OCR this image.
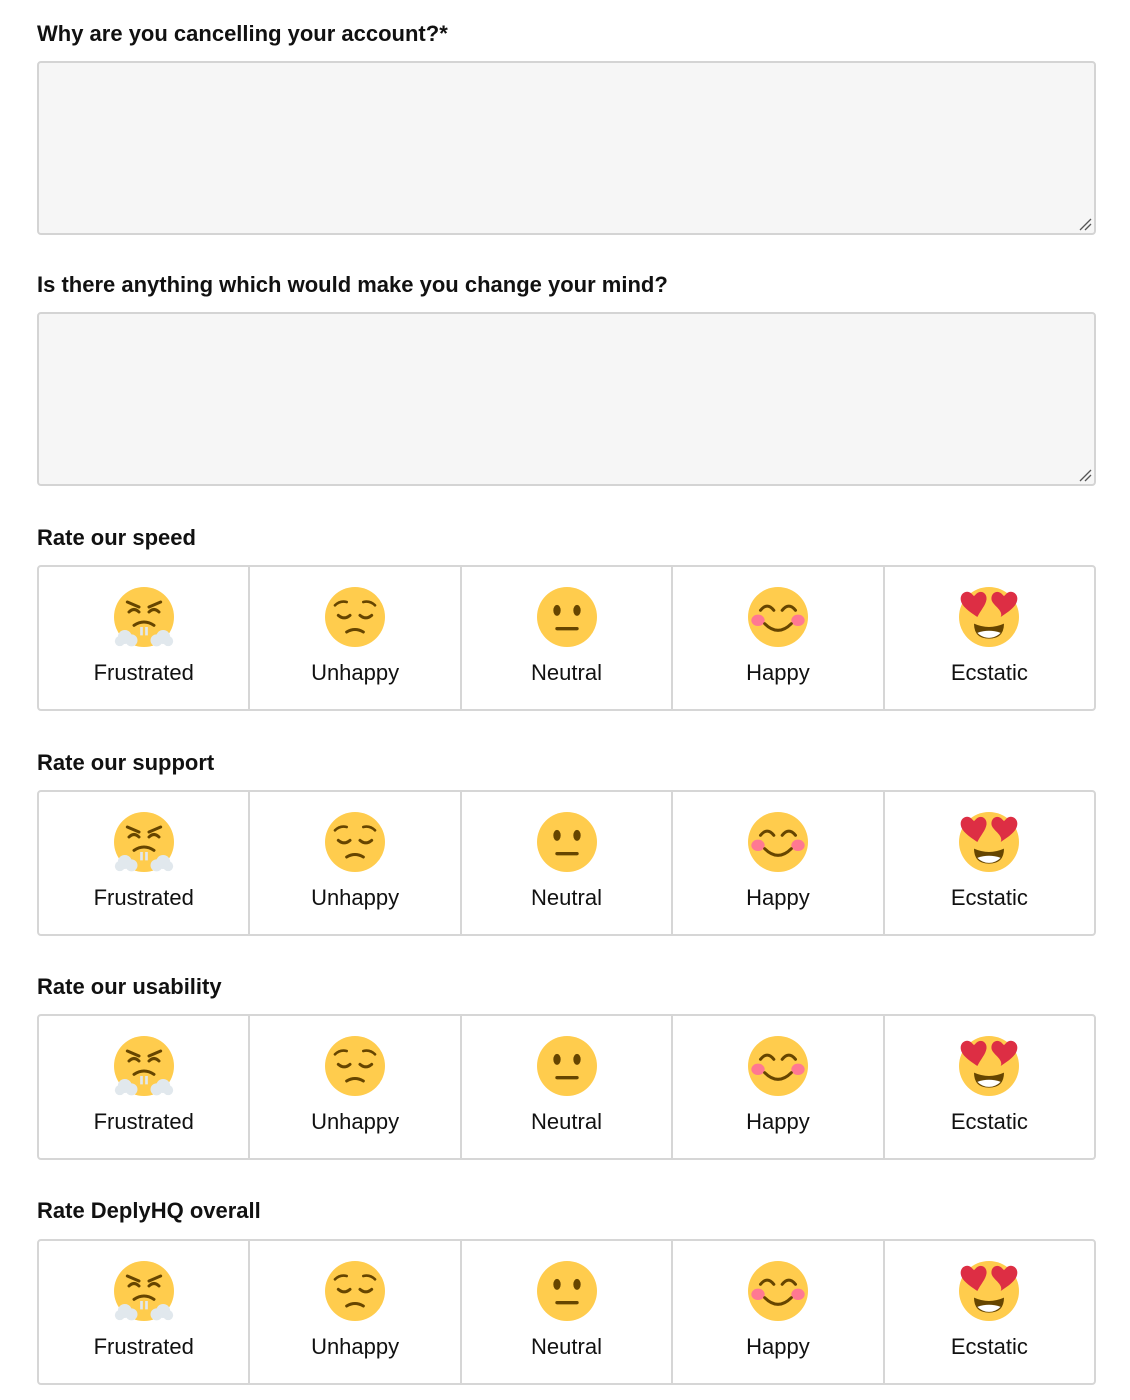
Why are you cancelling your account?*

Is there anything which would make you change your mind?

Rate our speed

Frustrated	Unhappy	Neutral	Happy	Ecstatic

Rate our support

Frustrated	Unhappy	Neutral	Happy	Ecstatic

Rate our usability

Frustrated	Unhappy	Neutral	Happy	Ecstatic

Rate DeplyHQ overall

Frustrated	Unhappy	Neutral	Happy	Ecstatic
